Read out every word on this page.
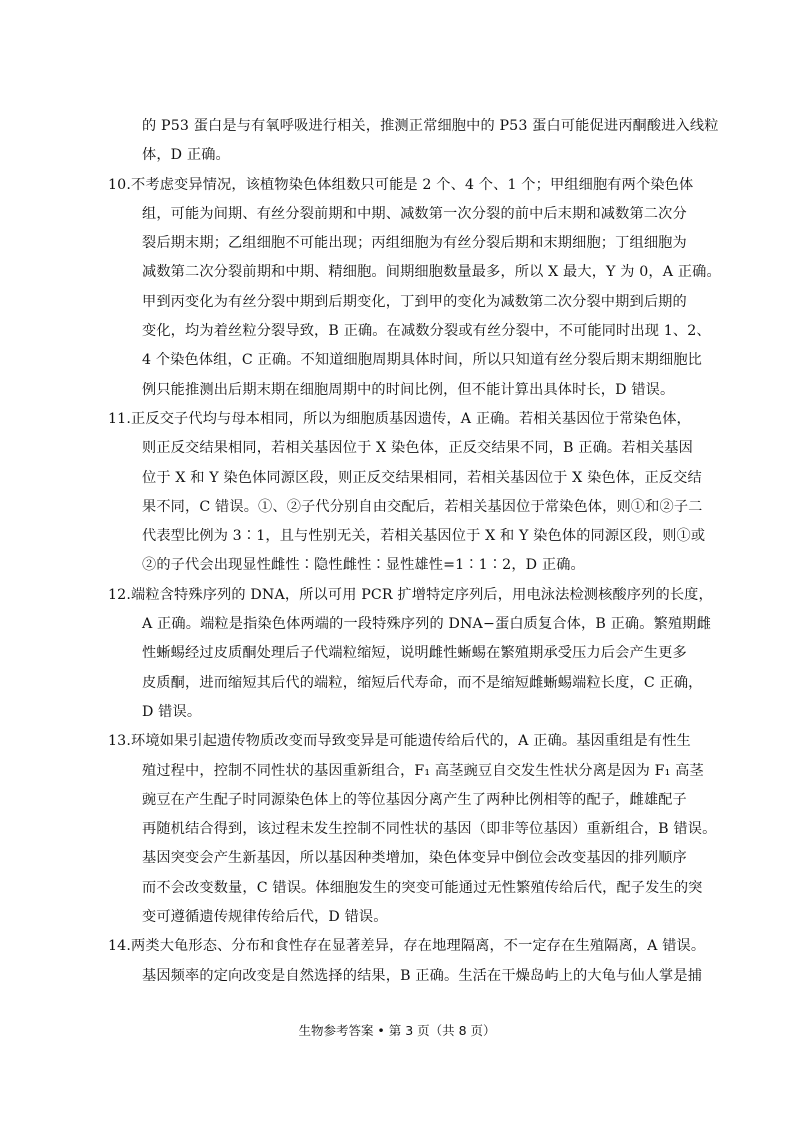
的 P53 蛋白是与有氧呼吸进行相关，推测正常细胞中的 P53 蛋白可能促进丙酮酸进入线粒
体，D 正确。
10. 不考虑变异情况，该植物染色体组数只可能是 2 个、4 个、1 个；甲组细胞有两个染色体
组，可能为间期、有丝分裂前期和中期、减数第一次分裂的前中后末期和减数第二次分
裂后期末期；乙组细胞不可能出现；丙组细胞为有丝分裂后期和末期细胞；丁组细胞为
减数第二次分裂前期和中期、精细胞。间期细胞数量最多，所以 X 最大，Y 为 0，A 正确。
甲到丙变化为有丝分裂中期到后期变化，丁到甲的变化为减数第二次分裂中期到后期的
变化，均为着丝粒分裂导致，B 正确。在减数分裂或有丝分裂中，不可能同时出现 1、2、
4 个染色体组，C 正确。不知道细胞周期具体时间，所以只知道有丝分裂后期末期细胞比
例只能推测出后期末期在细胞周期中的时间比例，但不能计算出具体时长，D 错误。
11. 正反交子代均与母本相同，所以为细胞质基因遗传，A 正确。若相关基因位于常染色体，
则正反交结果相同，若相关基因位于 X 染色体，正反交结果不同，B 正确。若相关基因
位于 X 和 Y 染色体同源区段，则正反交结果相同，若相关基因位于 X 染色体，正反交结
果不同，C 错误。①、②子代分别自由交配后，若相关基因位于常染色体，则①和②子二
代表型比例为 3∶1，且与性别无关，若相关基因位于 X 和 Y 染色体的同源区段，则①或
②的子代会出现显性雌性∶隐性雌性∶显性雄性=1∶1∶2，D 正确。
12. 端粒含特殊序列的 DNA，所以可用 PCR 扩增特定序列后，用电泳法检测核酸序列的长度，
A 正确。端粒是指染色体两端的一段特殊序列的 DNA−蛋白质复合体，B 正确。繁殖期雌
性蜥蜴经过皮质酮处理后子代端粒缩短，说明雌性蜥蜴在繁殖期承受压力后会产生更多
皮质酮，进而缩短其后代的端粒，缩短后代寿命，而不是缩短雌蜥蜴端粒长度，C 正确，
D 错误。
13. 环境如果引起遗传物质改变而导致变异是可能遗传给后代的，A 正确。基因重组是有性生
殖过程中，控制不同性状的基因重新组合，F₁ 高茎豌豆自交发生性状分离是因为 F₁ 高茎
豌豆在产生配子时同源染色体上的等位基因分离产生了两种比例相等的配子，雌雄配子
再随机结合得到，该过程未发生控制不同性状的基因（即非等位基因）重新组合，B 错误。
基因突变会产生新基因，所以基因种类增加，染色体变异中倒位会改变基因的排列顺序
而不会改变数量，C 错误。体细胞发生的突变可能通过无性繁殖传给后代，配子发生的突
变可遵循遗传规律传给后代，D 错误。
14. 两类大龟形态、分布和食性存在显著差异，存在地理隔离，不一定存在生殖隔离，A 错误。
基因频率的定向改变是自然选择的结果，B 正确。生活在干燥岛屿上的大龟与仙人掌是捕
生物参考答案 • 第 3 页（共 8 页）
